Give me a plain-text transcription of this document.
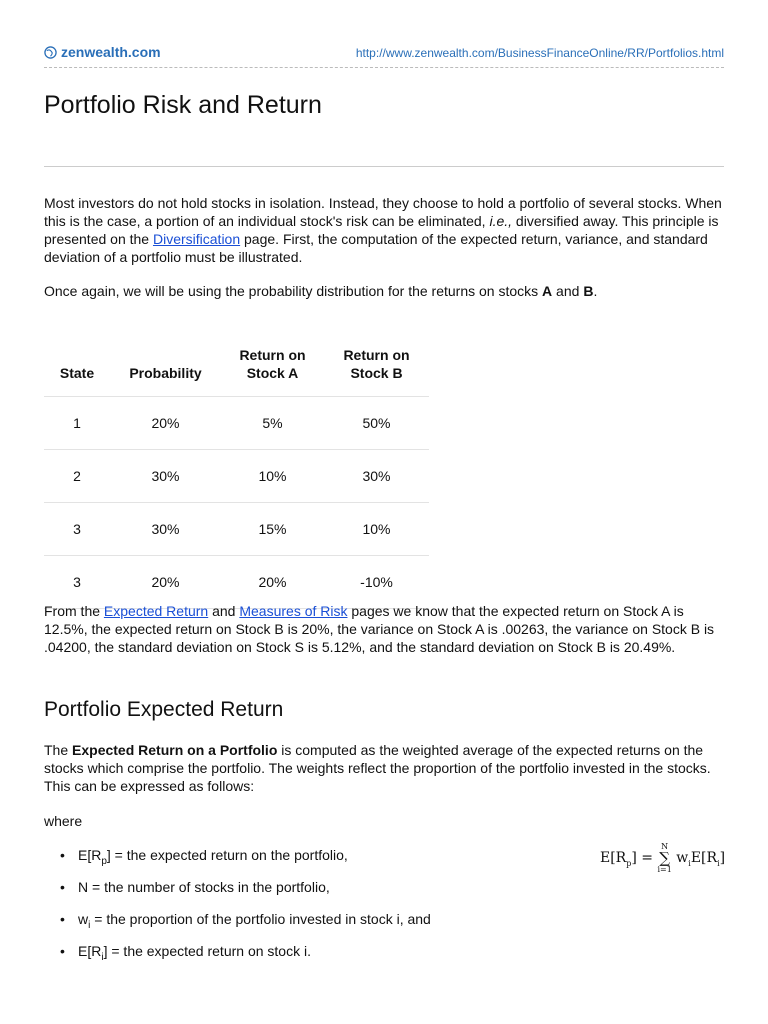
zenwealth.com	http://www.zenwealth.com/BusinessFinanceOnline/RR/Portfolios.html
Portfolio Risk and Return

Most investors do not hold stocks in isolation. Instead, they choose to hold a portfolio of several stocks. When this is the case, a portion of an individual stock's risk can be eliminated, i.e., diversified away. This principle is presented on the Diversification page. First, the computation of the expected return, variance, and standard deviation of a portfolio must be illustrated.

Once again, we will be using the probability distribution for the returns on stocks A and B.

State	Probability	Return on Stock A	Return on Stock B
1	20%	5%	50%
2	30%	10%	30%
3	30%	15%	10%
3	20%	20%	-10%

From the Expected Return and Measures of Risk pages we know that the expected return on Stock A is 12.5%, the expected return on Stock B is 20%, the variance on Stock A is .00263, the variance on Stock B is .04200, the standard deviation on Stock S is 5.12%, and the standard deviation on Stock B is 20.49%.

Portfolio Expected Return

The Expected Return on a Portfolio is computed as the weighted average of the expected returns on the stocks which comprise the portfolio. The weights reflect the proportion of the portfolio invested in the stocks. This can be expressed as follows:

where

$E[R_p]$ =
N
∑
i=1
$w_iE[R_i]$
• $E[R_p]$ = the expected return on the portfolio,
• N = the number of stocks in the portfolio,
• $w_i$ = the proportion of the portfolio invested in stock i, and
• $E[R_i]$ = the expected return on stock i.
